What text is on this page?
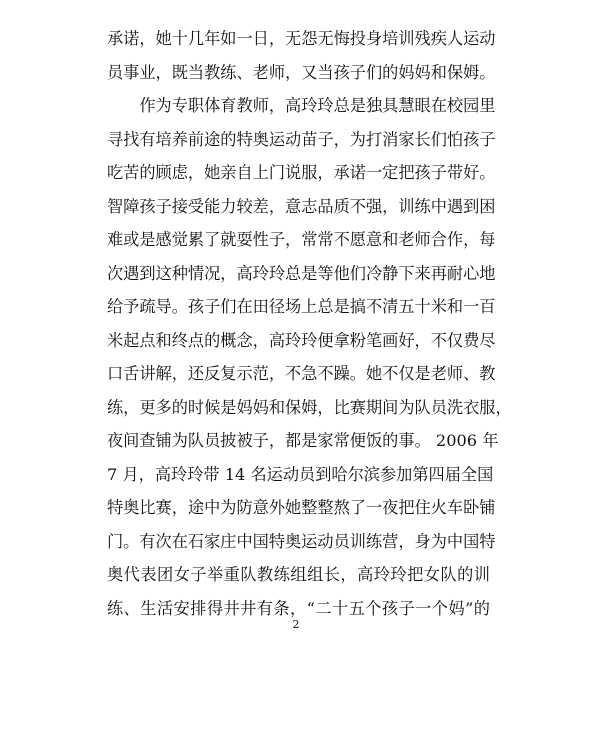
承诺，她十几年如一日，无怨无悔投身培训残疾人运动
员事业，既当教练、老师，又当孩子们的妈妈和保姆。
　　作为专职体育教师，高玲玲总是独具慧眼在校园里
寻找有培养前途的特奥运动苗子，为打消家长们怕孩子
吃苦的顾虑，她亲自上门说服，承诺一定把孩子带好。
智障孩子接受能力较差，意志品质不强，训练中遇到困
难或是感觉累了就耍性子，常常不愿意和老师合作，每
次遇到这种情况，高玲玲总是等他们冷静下来再耐心地
给予疏导。孩子们在田径场上总是搞不清五十米和一百
米起点和终点的概念，高玲玲便拿粉笔画好，不仅费尽
口舌讲解，还反复示范，不急不躁。她不仅是老师、教
练，更多的时候是妈妈和保姆，比赛期间为队员洗衣服，
夜间查铺为队员披被子，都是家常便饭的事。 2006 年
7 月，高玲玲带 14 名运动员到哈尔滨参加第四届全国
特奥比赛，途中为防意外她整整熬了一夜把住火车卧铺
门。有次在石家庄中国特奥运动员训练营，身为中国特
奥代表团女子举重队教练组组长，高玲玲把女队的训
练、生活安排得井井有条，“二十五个孩子一个妈”的
2
